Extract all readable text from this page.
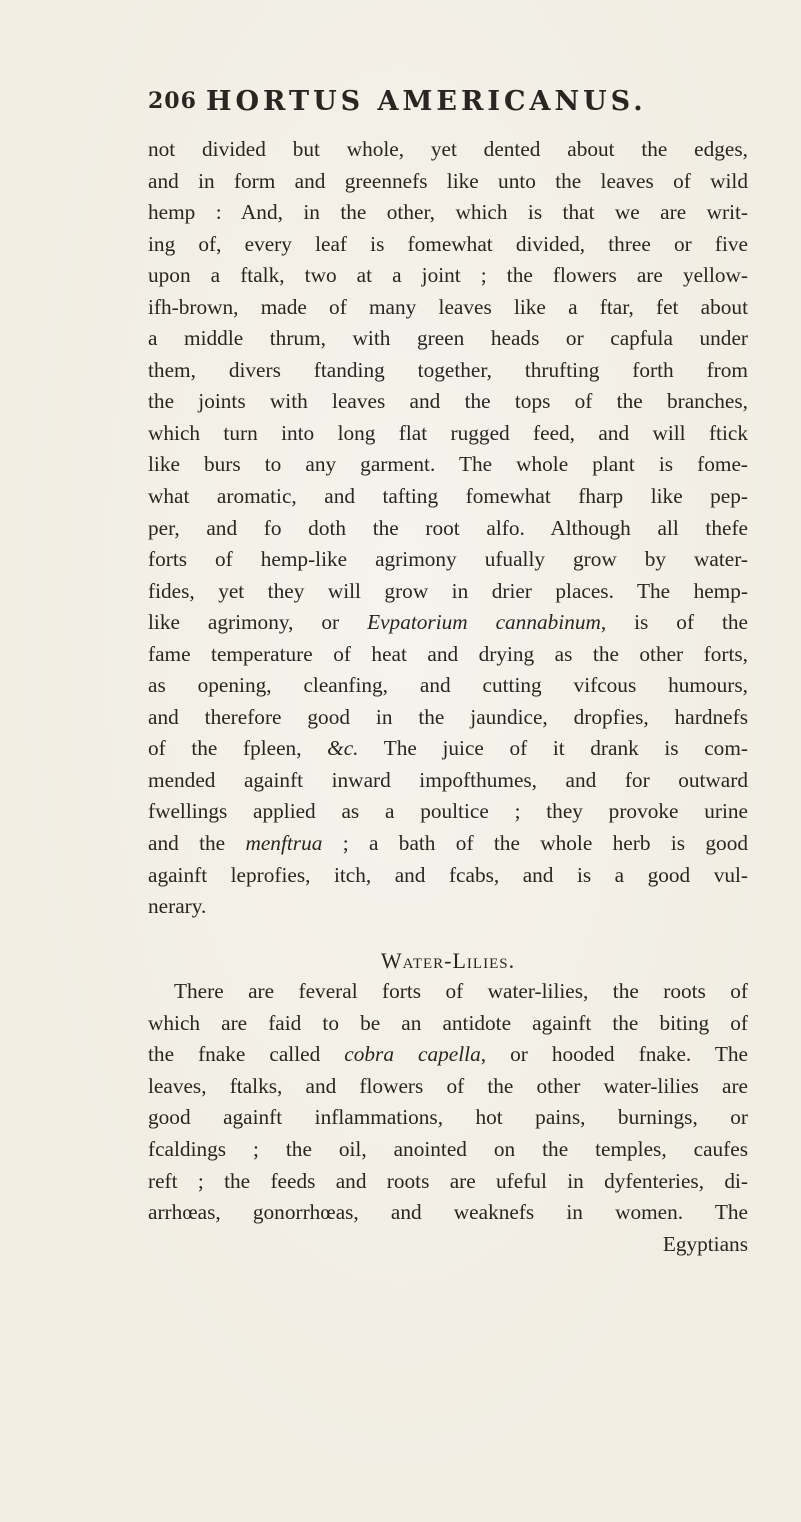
206 HORTUS AMERICANUS.
not divided but whole, yet dented about the edges,
and in form and greennefs like unto the leaves of wild
hemp : And, in the other, which is that we are writ-
ing of, every leaf is fomewhat divided, three or five
upon a ftalk, two at a joint ; the flowers are yellow-
ifh-brown, made of many leaves like a ftar, fet about
a middle thrum, with green heads or capfula under
them, divers ftanding together, thrufting forth from
the joints with leaves and the tops of the branches,
which turn into long flat rugged feed, and will ftick
like burs to any garment. The whole plant is fome-
what aromatic, and tafting fomewhat fharp like pep-
per, and fo doth the root alfo. Although all thefe
forts of hemp-like agrimony ufually grow by water-
fides, yet they will grow in drier places. The hemp-
like agrimony, or Evpatorium cannabinum, is of the
fame temperature of heat and drying as the other forts,
as opening, cleanfing, and cutting vifcous humours,
and therefore good in the jaundice, dropfies, hardnefs
of the fpleen, &c. The juice of it drank is com-
mended againft inward impofthumes, and for outward
fwellings applied as a poultice ; they provoke urine
and the menftrua ; a bath of the whole herb is good
againft leprofies, itch, and fcabs, and is a good vul-
nerary.
Water-Lilies.
There are feveral forts of water-lilies, the roots of
which are faid to be an antidote againft the biting of
the fnake called cobra capella, or hooded fnake. The
leaves, ftalks, and flowers of the other water-lilies are
good againft inflammations, hot pains, burnings, or
fcaldings ; the oil, anointed on the temples, caufes
reft ; the feeds and roots are ufeful in dyfenteries, di-
arrhœas, gonorrhœas, and weaknefs in women. The
Egyptians
